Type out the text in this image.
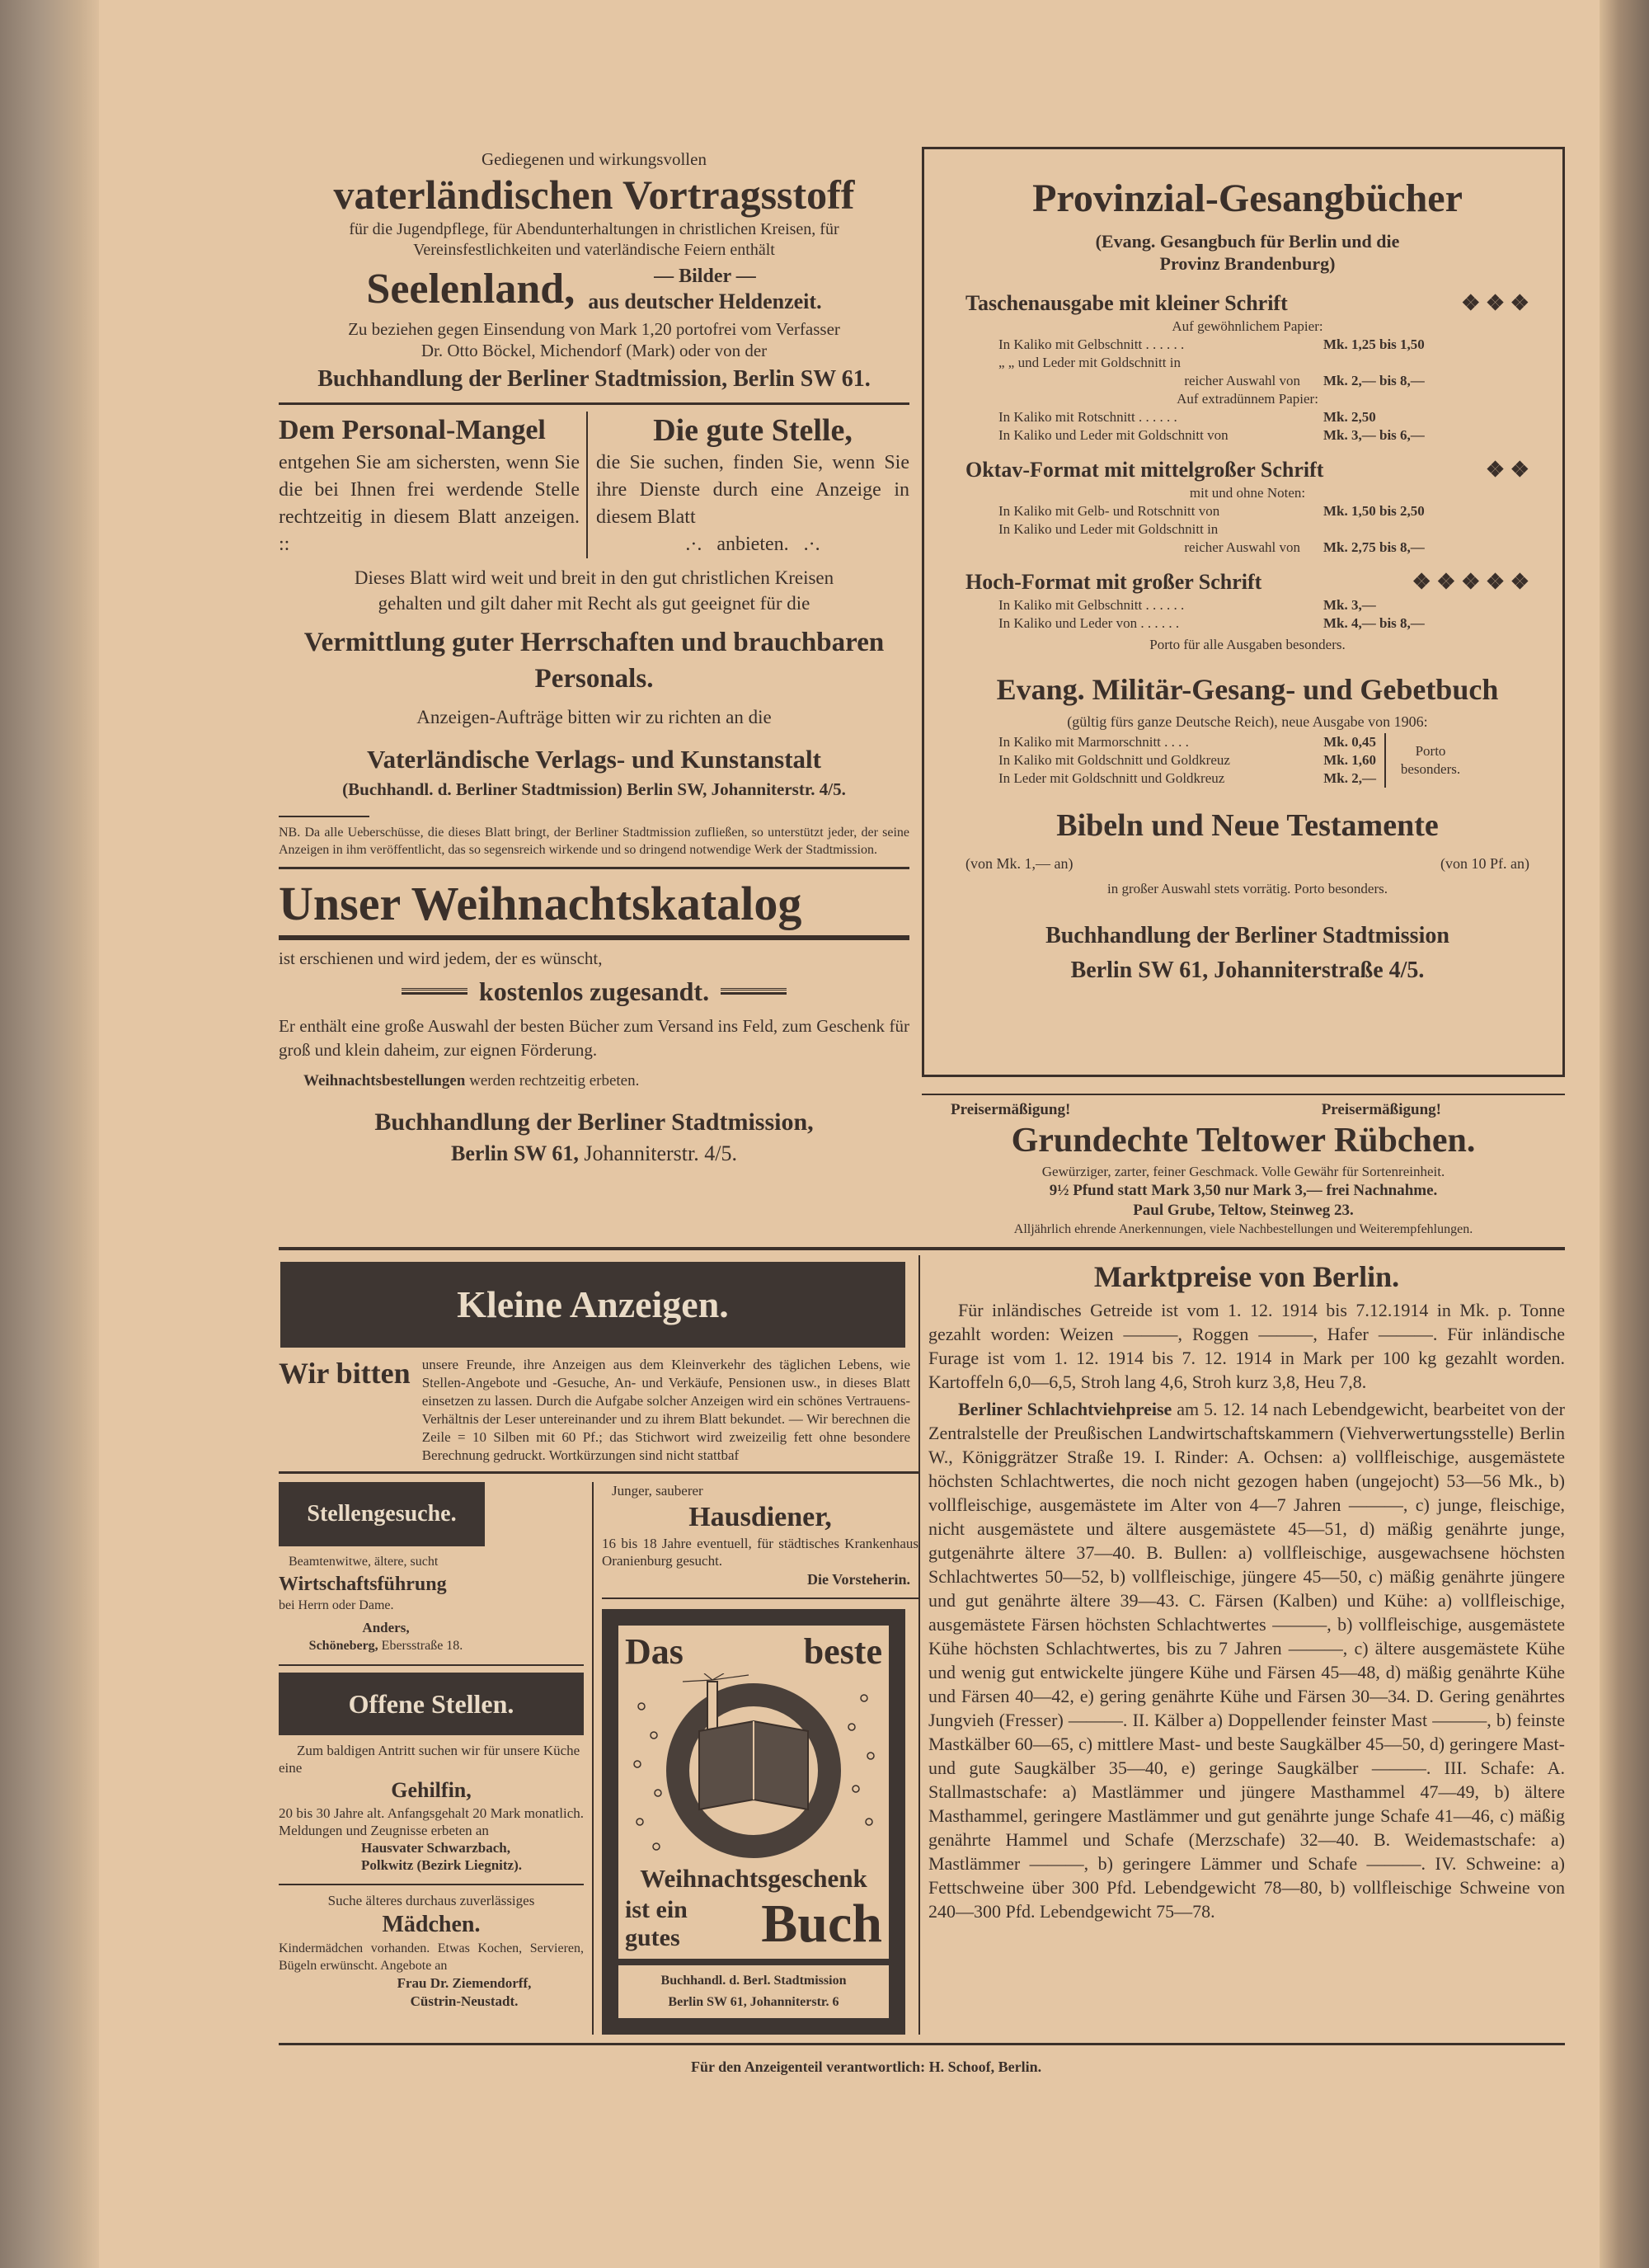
Gediegenen und wirkungsvollen
vaterländischen Vortragsstoff
für die Jugendpflege, für Abendunterhaltungen in christlichen Kreisen, für Vereinsfestlichkeiten und vaterländische Feiern enthält
Seelenland,	— Bilder —
aus deutscher Heldenzeit.
Zu beziehen gegen Einsendung von Mark 1,20 portofrei vom Verfasser
Dr. Otto Böckel, Michendorf (Mark) oder von der
Buchhandlung der Berliner Stadtmission, Berlin SW 61.
Dem Personal-Mangel
entgehen Sie am sichersten, wenn Sie die bei Ihnen frei werdende Stelle rechtzeitig in diesem Blatt anzeigen. ::
Die gute Stelle,
die Sie suchen, finden Sie, wenn Sie ihre Dienste durch eine Anzeige in diesem Blatt
.·.   anbieten.   .·.
Dieses Blatt wird weit und breit in den gut christlichen Kreisen gehalten und gilt daher mit Recht als gut geeignet für die
Vermittlung guter Herrschaften und brauchbaren Personals.
Anzeigen-Aufträge bitten wir zu richten an die
Vaterländische Verlags- und Kunstanstalt
(Buchhandl. d. Berliner Stadtmission) Berlin SW, Johanniterstr. 4/5.
NB. Da alle Ueberschüsse, die dieses Blatt bringt, der Berliner Stadtmission zufließen, so unterstützt jeder, der seine Anzeigen in ihm veröffentlicht, das so segensreich wirkende und so dringend notwendige Werk der Stadtmission.
Unser Weihnachtskatalog
ist erschienen und wird jedem, der es wünscht,
kostenlos zugesandt.
Er enthält eine große Auswahl der besten Bücher zum Versand ins Feld, zum Geschenk für groß und klein daheim, zur eignen Förderung.
Weihnachtsbestellungen werden rechtzeitig erbeten.
Buchhandlung der Berliner Stadtmission,
Berlin SW 61, Johanniterstr. 4/5.
Provinzial-Gesangbücher
(Evang. Gesangbuch für Berlin und die Provinz Brandenburg)
Taschenausgabe mit kleiner Schrift	❖ ❖ ❖
Auf gewöhnlichem Papier:
In Kaliko mit Gelbschnitt . . .	Mk. 1,25 bis 1,50
„ „ und Leder mit Goldschnitt in
reicher Auswahl von	Mk. 2,— bis 8,—
Auf extradünnem Papier:
In Kaliko mit Rotschnitt . . .	Mk. 2,50
In Kaliko und Leder mit Goldschnitt von	Mk. 3,— bis 6,—
Oktav-Format mit mittelgroßer Schrift	❖ ❖
mit und ohne Noten:
In Kaliko mit Gelb- und Rotschnitt von	Mk. 1,50 bis 2,50
In Kaliko und Leder mit Goldschnitt in
reicher Auswahl von	Mk. 2,75 bis 8,—
Hoch-Format mit großer Schrift	❖ ❖ ❖ ❖ ❖
In Kaliko mit Gelbschnitt . . .	Mk. 3,—
In Kaliko und Leder von . . .	Mk. 4,— bis 8,—
Porto für alle Ausgaben besonders.
Evang. Militär-Gesang- und Gebetbuch
(gültig fürs ganze Deutsche Reich), neue Ausgabe von 1906:
In Kaliko mit Marmorschnitt . . . .	Mk. 0,45
In Kaliko mit Goldschnitt und Goldkreuz	Mk. 1,60
In Leder mit Goldschnitt und Goldkreuz	Mk. 2,—
Porto besonders.
Bibeln und Neue Testamente
(von Mk. 1,— an)	(von 10 Pf. an)
in großer Auswahl stets vorrätig. Porto besonders.
Buchhandlung der Berliner Stadtmission
Berlin SW 61, Johanniterstraße 4/5.
Preisermäßigung!	Preisermäßigung!
Grundechte Teltower Rübchen.
Gewürziger, zarter, feiner Geschmack. Volle Gewähr für Sortenreinheit.
9½ Pfund statt Mark 3,50 nur Mark 3,— frei Nachnahme.
Paul Grube, Teltow, Steinweg 23.
Alljährlich ehrende Anerkennungen, viele Nachbestellungen und Weiterempfehlungen.
Kleine Anzeigen.
Wir bitten unsere Freunde, ihre Anzeigen aus dem Kleinverkehr des täglichen Lebens, wie Stellen-Angebote und -Gesuche, An- und Verkäufe, Pensionen usw., in dieses Blatt einsetzen zu lassen. Durch die Aufgabe solcher Anzeigen wird ein schönes Vertrauens-Verhältnis der Leser untereinander und zu ihrem Blatt bekundet. — Wir berechnen die Zeile = 10 Silben mit 60 Pf.; das Stichwort wird zweizeilig fett ohne besondere Berechnung gedruckt. Wortkürzungen sind nicht stattbaf
Stellengesuche.
Beamtenwitwe, ältere, sucht
Wirtschaftsführung
bei Herrn oder Dame.
Anders,
Schöneberg, Ebersstraße 18.
Offene Stellen.
Zum baldigen Antritt suchen wir für unsere Küche eine
Gehilfin,
20 bis 30 Jahre alt. Anfangsgehalt 20 Mark monatlich. Meldungen und Zeugnisse erbeten an
Hausvater Schwarzbach,
Polkwitz (Bezirk Liegnitz).
Suche älteres durchaus zuverlässiges
Mädchen.
Kindermädchen vorhanden. Etwas Kochen, Servieren, Bügeln erwünscht. Angebote an
Frau Dr. Ziemendorff,
Cüstrin-Neustadt.
Junger, sauberer
Hausdiener,
16 bis 18 Jahre eventuell, für städtisches Krankenhaus Oranienburg gesucht.
Die Vorsteherin.
Das	beste
Weihnachtsgeschenk
ist ein
gutes Buch
Buchhandl. d. Berl. Stadtmission
Berlin SW 61, Johanniterstr. 6
Marktpreise von Berlin.

Für inländisches Getreide ist vom 1. 12. 1914 bis 7.12.1914 in Mk. p. Tonne gezahlt worden: Weizen ———, Roggen ———, Hafer ———. Für inländische Furage ist vom 1. 12. 1914 bis 7. 12. 1914 in Mark per 100 kg gezahlt worden. Kartoffeln 6,0—6,5, Stroh lang 4,6, Stroh kurz 3,8, Heu 7,8.

Berliner Schlachtviehpreise am 5. 12. 14 nach Lebendgewicht, bearbeitet von der Zentralstelle der Preußischen Landwirtschaftskammern (Viehverwertungsstelle) Berlin W., Königgrätzer Straße 19. I. Rinder: A. Ochsen: a) vollfleischige, ausgemästete höchsten Schlachtwertes, die noch nicht gezogen haben (ungejocht) 53—56 Mk., b) vollfleischige, ausgemästete im Alter von 4—7 Jahren ———, c) junge, fleischige, nicht ausgemästete und ältere ausgemästete 45—51, d) mäßig genährte junge, gutgenährte ältere 37—40. B. Bullen: a) vollfleischige, ausgewachsene höchsten Schlachtwertes 50—52, b) vollfleischige, jüngere 45—50, c) mäßig genährte jüngere und gut genährte ältere 39—43. C. Färsen (Kalben) und Kühe: a) vollfleischige, ausgemästete Färsen höchsten Schlachtwertes ———, b) vollfleischige, ausgemästete Kühe höchsten Schlachtwertes, bis zu 7 Jahren ———, c) ältere ausgemästete Kühe und wenig gut entwickelte jüngere Kühe und Färsen 45—48, d) mäßig genährte Kühe und Färsen 40—42, e) gering genährte Kühe und Färsen 30—34. D. Gering genährtes Jungvieh (Fresser) ———. II. Kälber a) Doppellender feinster Mast ———, b) feinste Mastkälber 60—65, c) mittlere Mast- und beste Saugkälber 45—50, d) geringere Mast- und gute Saugkälber 35—40, e) geringe Saugkälber ———. III. Schafe: A. Stallmastschafe: a) Mastlämmer und jüngere Masthammel 47—49, b) ältere Masthammel, geringere Mastlämmer und gut genährte junge Schafe 41—46, c) mäßig genährte Hammel und Schafe (Merzschafe) 32—40. B. Weidemastschafe: a) Mastlämmer ———, b) geringere Lämmer und Schafe ———. IV. Schweine: a) Fettschweine über 300 Pfd. Lebendgewicht 78—80, b) vollfleischige Schweine von 240—300 Pfd. Lebendgewicht 75—78.

Für den Anzeigenteil verantwortlich: H. Schoof, Berlin.
